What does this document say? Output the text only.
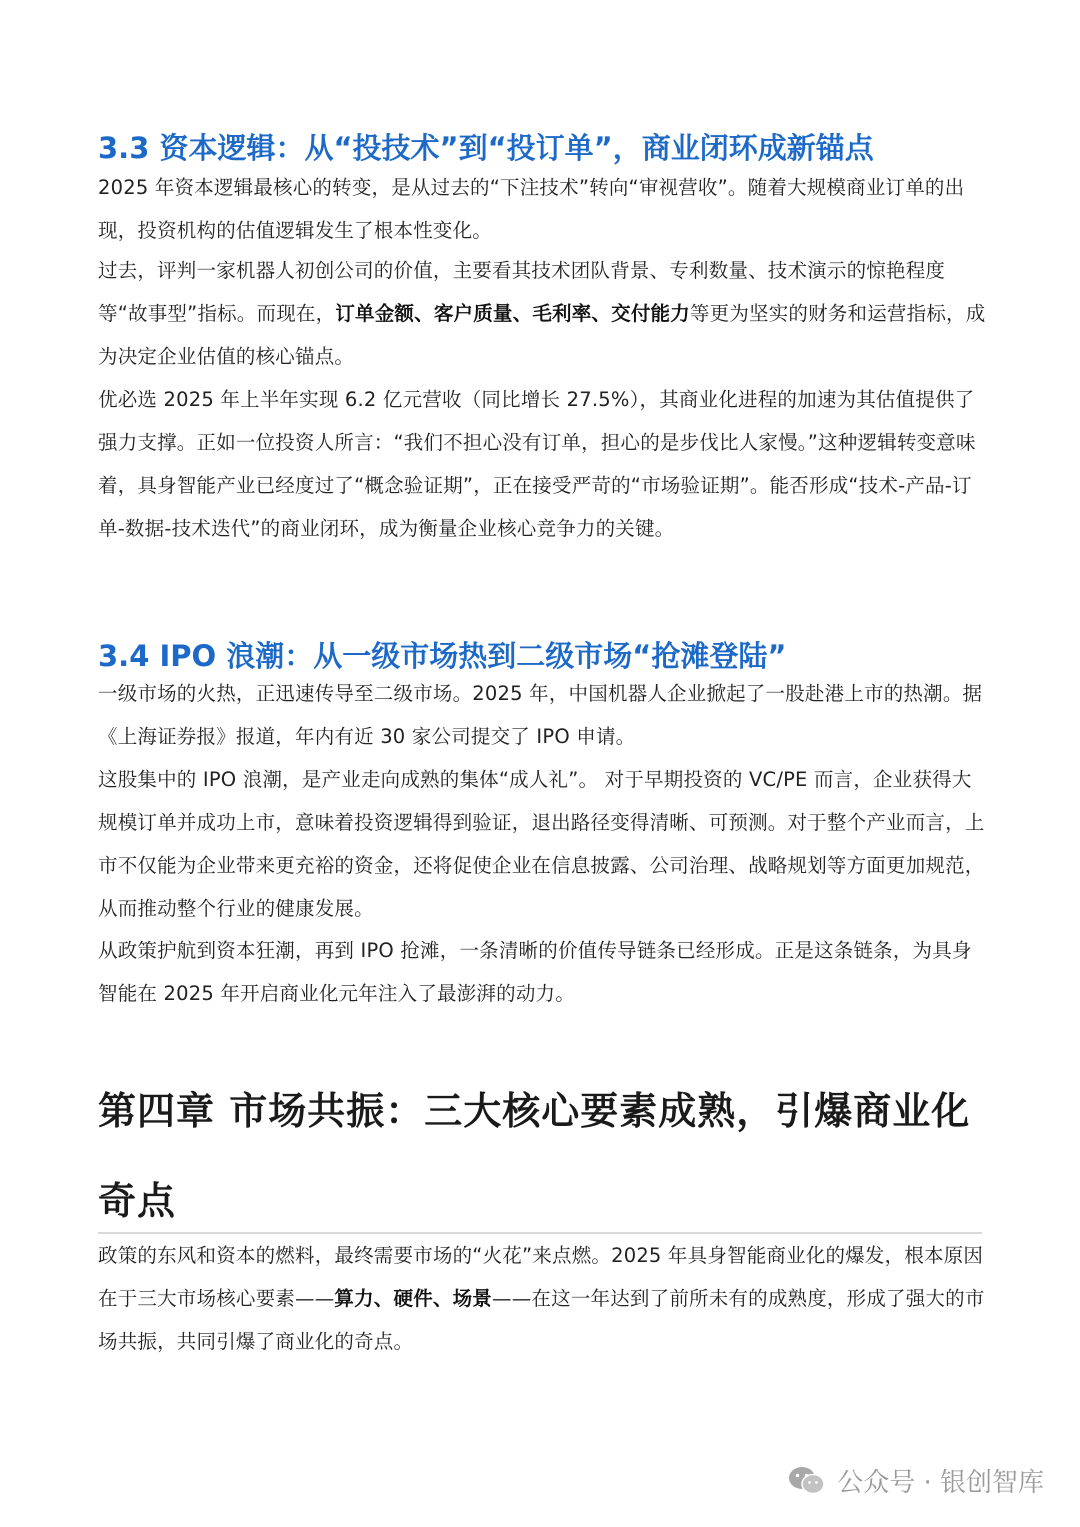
3.3 资本逻辑：从“投技术”到“投订单”，商业闭环成新锚点

2025 年资本逻辑最核心的转变，是从过去的“下注技术”转向“审视营收”。随着大规模商业订单的出现，投资机构的估值逻辑发生了根本性变化。

过去，评判一家机器人初创公司的价值，主要看其技术团队背景、专利数量、技术演示的惊艳程度等“故事型”指标。而现在，订单金额、客户质量、毛利率、交付能力等更为坚实的财务和运营指标，成为决定企业估值的核心锚点。

优必选 2025 年上半年实现 6.2 亿元营收（同比增长 27.5%），其商业化进程的加速为其估值提供了强力支撑。正如一位投资人所言：“我们不担心没有订单，担心的是步伐比人家慢。”这种逻辑转变意味着，具身智能产业已经度过了“概念验证期”，正在接受严苛的“市场验证期”。能否形成“技术-产品-订单-数据-技术迭代”的商业闭环，成为衡量企业核心竞争力的关键。

3.4 IPO 浪潮：从一级市场热到二级市场“抢滩登陆”

一级市场的火热，正迅速传导至二级市场。2025 年，中国机器人企业掀起了一股赴港上市的热潮。据《上海证券报》报道，年内有近 30 家公司提交了 IPO 申请。

这股集中的 IPO 浪潮，是产业走向成熟的集体“成人礼”。 对于早期投资的 VC/PE 而言，企业获得大规模订单并成功上市，意味着投资逻辑得到验证，退出路径变得清晰、可预测。对于整个产业而言，上市不仅能为企业带来更充裕的资金，还将促使企业在信息披露、公司治理、战略规划等方面更加规范，从而推动整个行业的健康发展。

从政策护航到资本狂潮，再到 IPO 抢滩，一条清晰的价值传导链条已经形成。正是这条链条，为具身智能在 2025 年开启商业化元年注入了最澎湃的动力。

第四章 市场共振：三大核心要素成熟，引爆商业化奇点

政策的东风和资本的燃料，最终需要市场的“火花”来点燃。2025 年具身智能商业化的爆发，根本原因在于三大市场核心要素——算力、硬件、场景——在这一年达到了前所未有的成熟度，形成了强大的市场共振，共同引爆了商业化的奇点。

公众号 · 银创智库
